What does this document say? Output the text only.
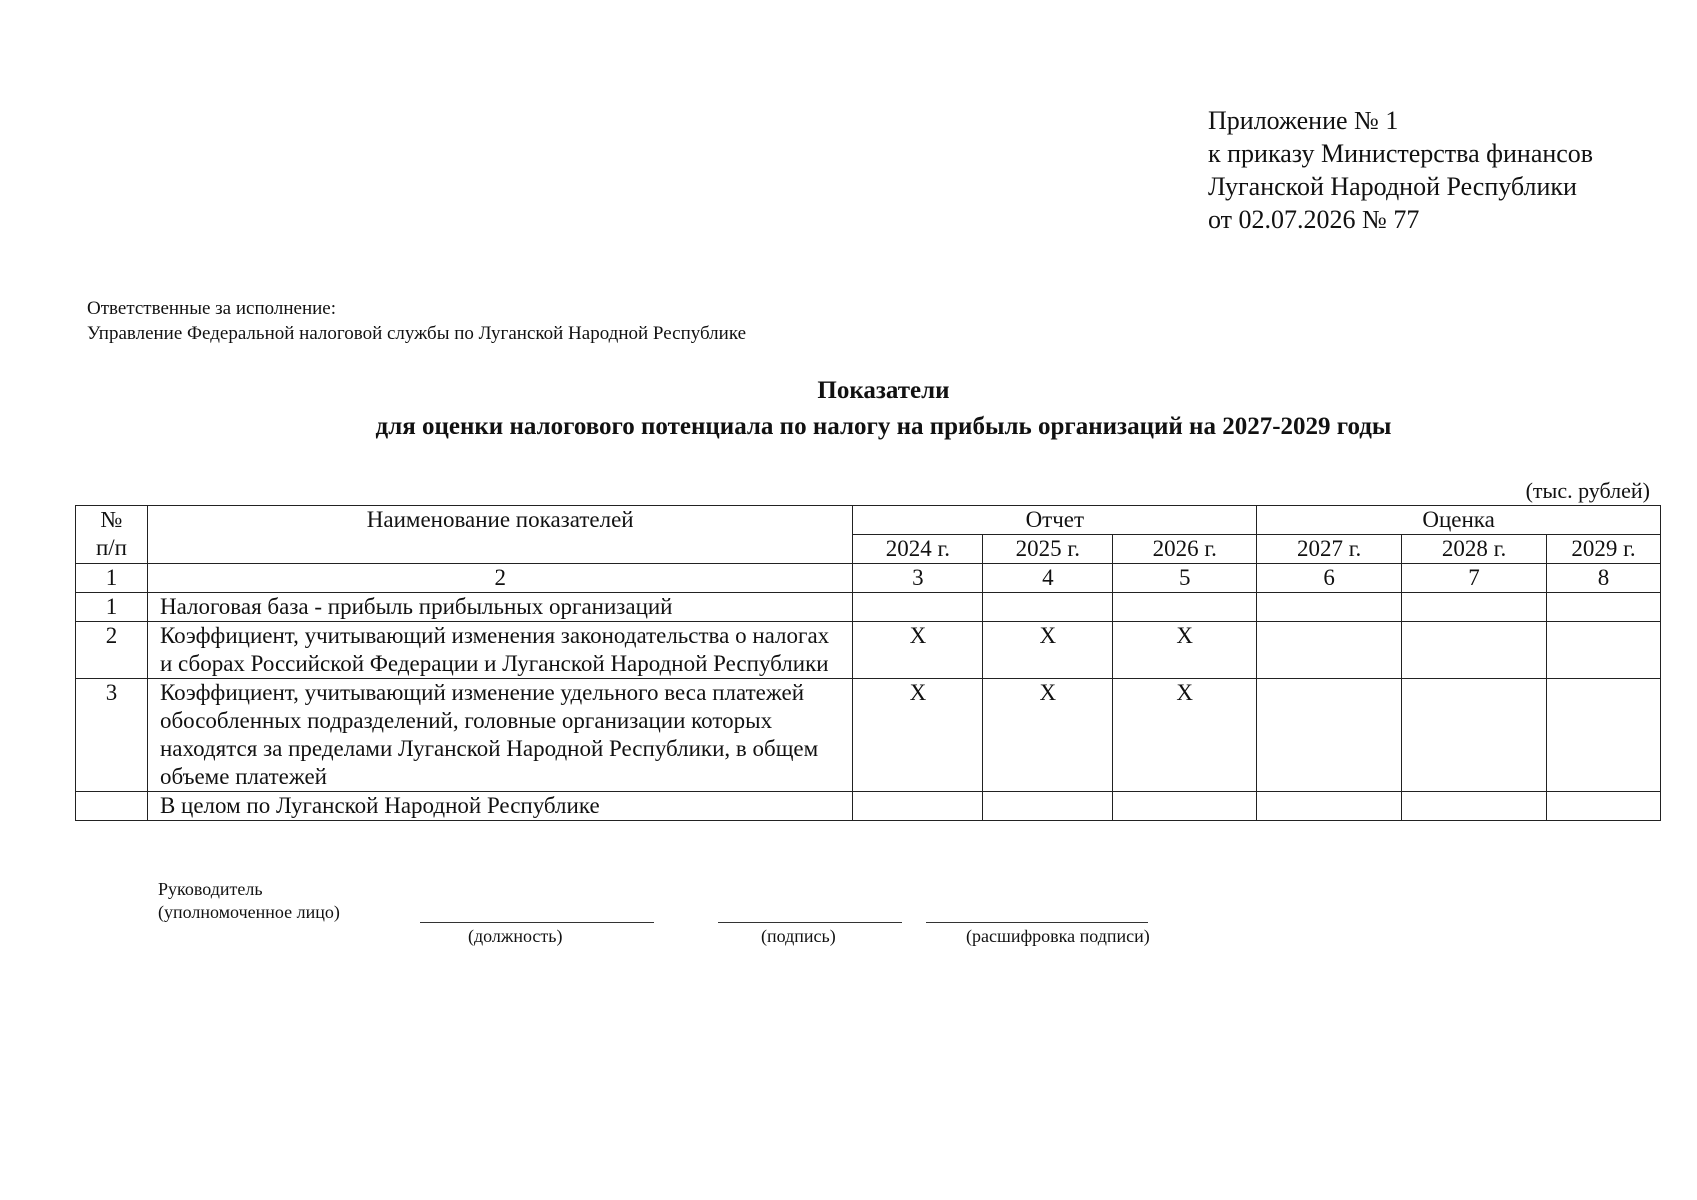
Приложение № 1
к приказу Министерства финансов
Луганской Народной Республики
от 02.07.2026 № 77
Ответственные за исполнение:
Управление Федеральной налоговой службы по Луганской Народной Республике
Показатели
для оценки налогового потенциала по налогу на прибыль организаций на 2027-2029 годы
(тыс. рублей)
№
п/п	Наименование показателей	Отчет			Оценка		
		2024 г.	2025 г.	2026 г.	2027 г.	2028 г.	2029 г.
1	2	3	4	5	6	7	8
1	Налоговая база - прибыль прибыльных организаций						
2	Коэффициент, учитывающий изменения законодательства о налогах и сборах Российской Федерации и Луганской Народной Республики	X	X	X			
3	Коэффициент, учитывающий изменение удельного веса платежей обособленных подразделений, головные организации которых находятся за пределами Луганской Народной Республики, в общем объеме платежей	X	X	X			
	В целом по Луганской Народной Республике						
Руководитель
(уполномоченное лицо)
(должность)	(подпись)	(расшифровка подписи)
